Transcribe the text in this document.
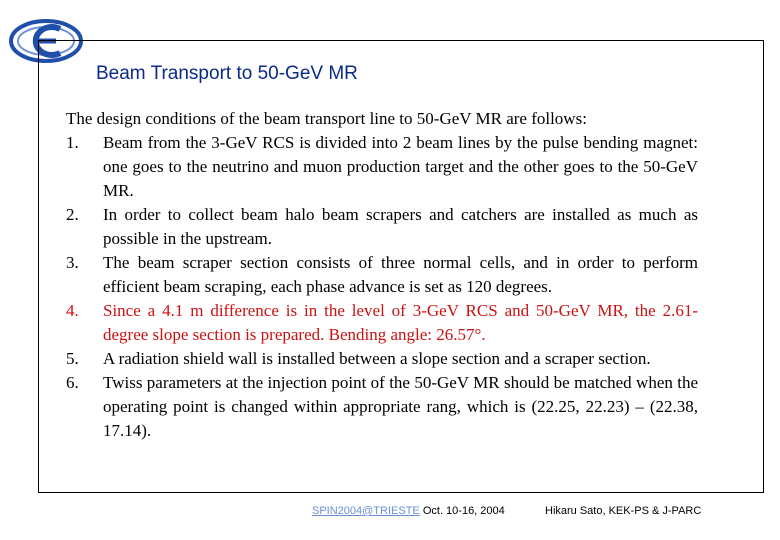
Beam Transport to 50-GeV MR

The design conditions of the beam transport line to 50-GeV MR are follows:

1.	Beam from the 3-GeV RCS is divided into 2 beam lines by the pulse bending magnet: one goes to the neutrino and muon production target and the other goes to the 50-GeV MR.
2.	In order to collect beam halo beam scrapers and catchers are installed as much as possible in the upstream.
3.	The beam scraper section consists of three normal cells, and in order to perform efficient beam scraping, each phase advance is set as 120 degrees.
4.	Since a 4.1 m difference is in the level of 3-GeV RCS and 50-GeV MR, the 2.61-degree slope section is prepared. Bending angle: 26.57°.
5.	A radiation shield wall is installed between a slope section and a scraper section.
6.	Twiss parameters at the injection point of the 50-GeV MR should be matched when the operating point is changed within appropriate rang, which is (22.25, 22.23) – (22.38, 17.14).
SPIN2004@TRIESTE Oct. 10-16, 2004	Hikaru Sato, KEK-PS & J-PARC
